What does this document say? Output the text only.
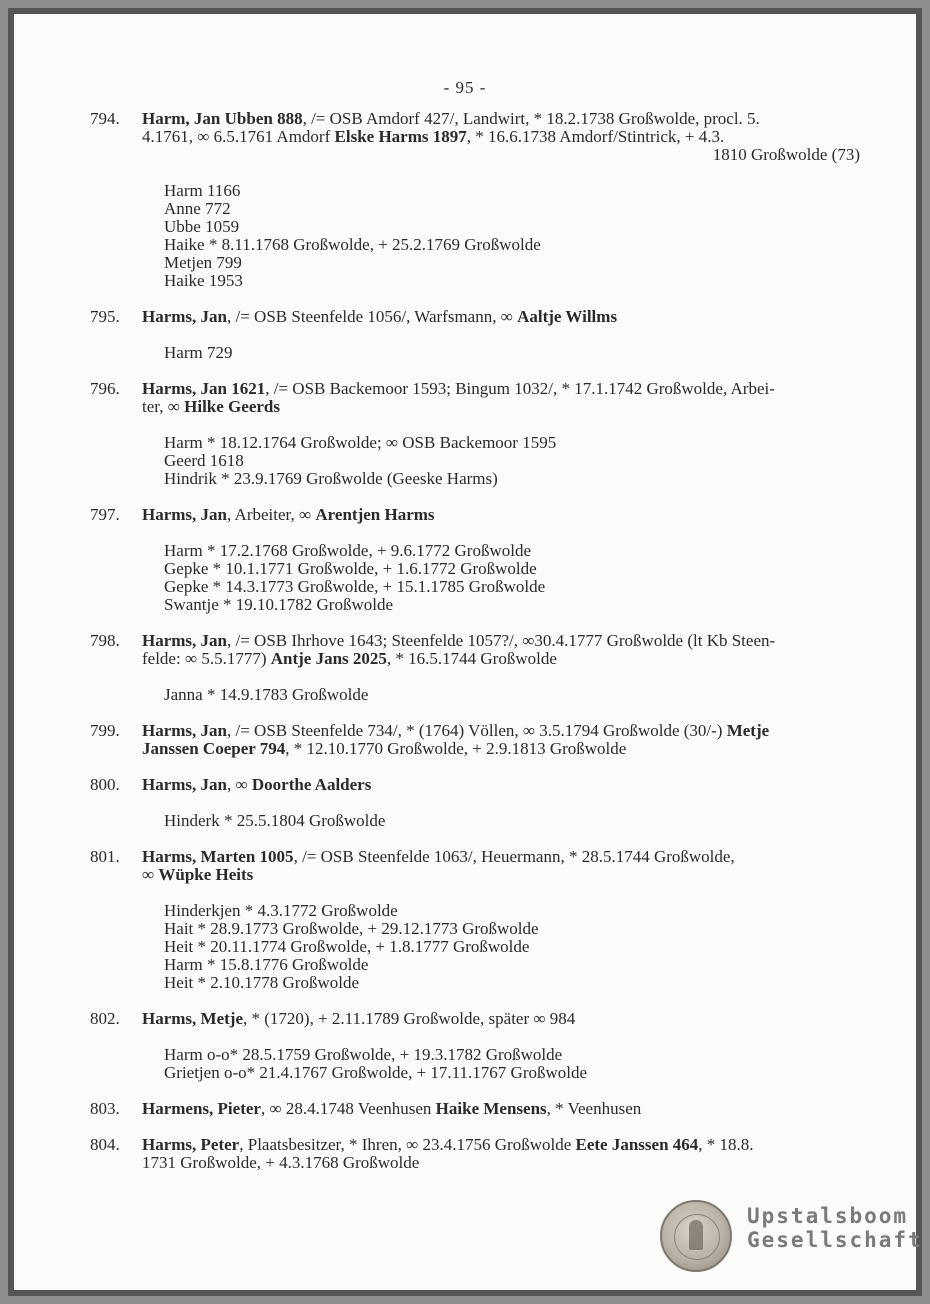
- 95 -
794. Harm, Jan Ubben 888, /= OSB Amdorf 427/, Landwirt, * 18.2.1738 Großwolde, procl. 5.
4.1761, ∞ 6.5.1761 Amdorf Elske Harms 1897, * 16.6.1738 Amdorf/Stintrick, + 4.3.
1810 Großwolde (73)
Harm 1166
Anne 772
Ubbe 1059
Haike * 8.11.1768 Großwolde, + 25.2.1769 Großwolde
Metjen 799
Haike 1953
795. Harms, Jan, /= OSB Steenfelde 1056/, Warfsmann, ∞ Aaltje Willms
Harm 729
796. Harms, Jan 1621, /= OSB Backemoor 1593; Bingum 1032/, * 17.1.1742 Großwolde, Arbei-
ter, ∞ Hilke Geerds
Harm * 18.12.1764 Großwolde; ∞ OSB Backemoor 1595
Geerd 1618
Hindrik * 23.9.1769 Großwolde (Geeske Harms)
797. Harms, Jan, Arbeiter, ∞ Arentjen Harms
Harm * 17.2.1768 Großwolde, + 9.6.1772 Großwolde
Gepke * 10.1.1771 Großwolde, + 1.6.1772 Großwolde
Gepke * 14.3.1773 Großwolde, + 15.1.1785 Großwolde
Swantje * 19.10.1782 Großwolde
798. Harms, Jan, /= OSB Ihrhove 1643; Steenfelde 1057?/, ∞30.4.1777 Großwolde (lt Kb Steen-
felde: ∞ 5.5.1777) Antje Jans 2025, * 16.5.1744 Großwolde
Janna * 14.9.1783 Großwolde
799. Harms, Jan, /= OSB Steenfelde 734/, * (1764) Völlen, ∞ 3.5.1794 Großwolde (30/-) Metje
Janssen Coeper 794, * 12.10.1770 Großwolde, + 2.9.1813 Großwolde
800. Harms, Jan, ∞ Doorthe Aalders
Hinderk * 25.5.1804 Großwolde
801. Harms, Marten 1005, /= OSB Steenfelde 1063/, Heuermann, * 28.5.1744 Großwolde,
∞ Wüpke Heits
Hinderkjen * 4.3.1772 Großwolde
Hait * 28.9.1773 Großwolde, + 29.12.1773 Großwolde
Heit * 20.11.1774 Großwolde, + 1.8.1777 Großwolde
Harm * 15.8.1776 Großwolde
Heit * 2.10.1778 Großwolde
802. Harms, Metje, * (1720), + 2.11.1789 Großwolde, später ∞ 984
Harm o-o* 28.5.1759 Großwolde, + 19.3.1782 Großwolde
Grietjen o-o* 21.4.1767 Großwolde, + 17.11.1767 Großwolde
803. Harmens, Pieter, ∞ 28.4.1748 Veenhusen Haike Mensens, * Veenhusen
804. Harms, Peter, Plaatsbesitzer, * Ihren, ∞ 23.4.1756 Großwolde Eete Janssen 464, * 18.8.
1731 Großwolde, + 4.3.1768 Großwolde
Upstalsboom
Gesellschaft
